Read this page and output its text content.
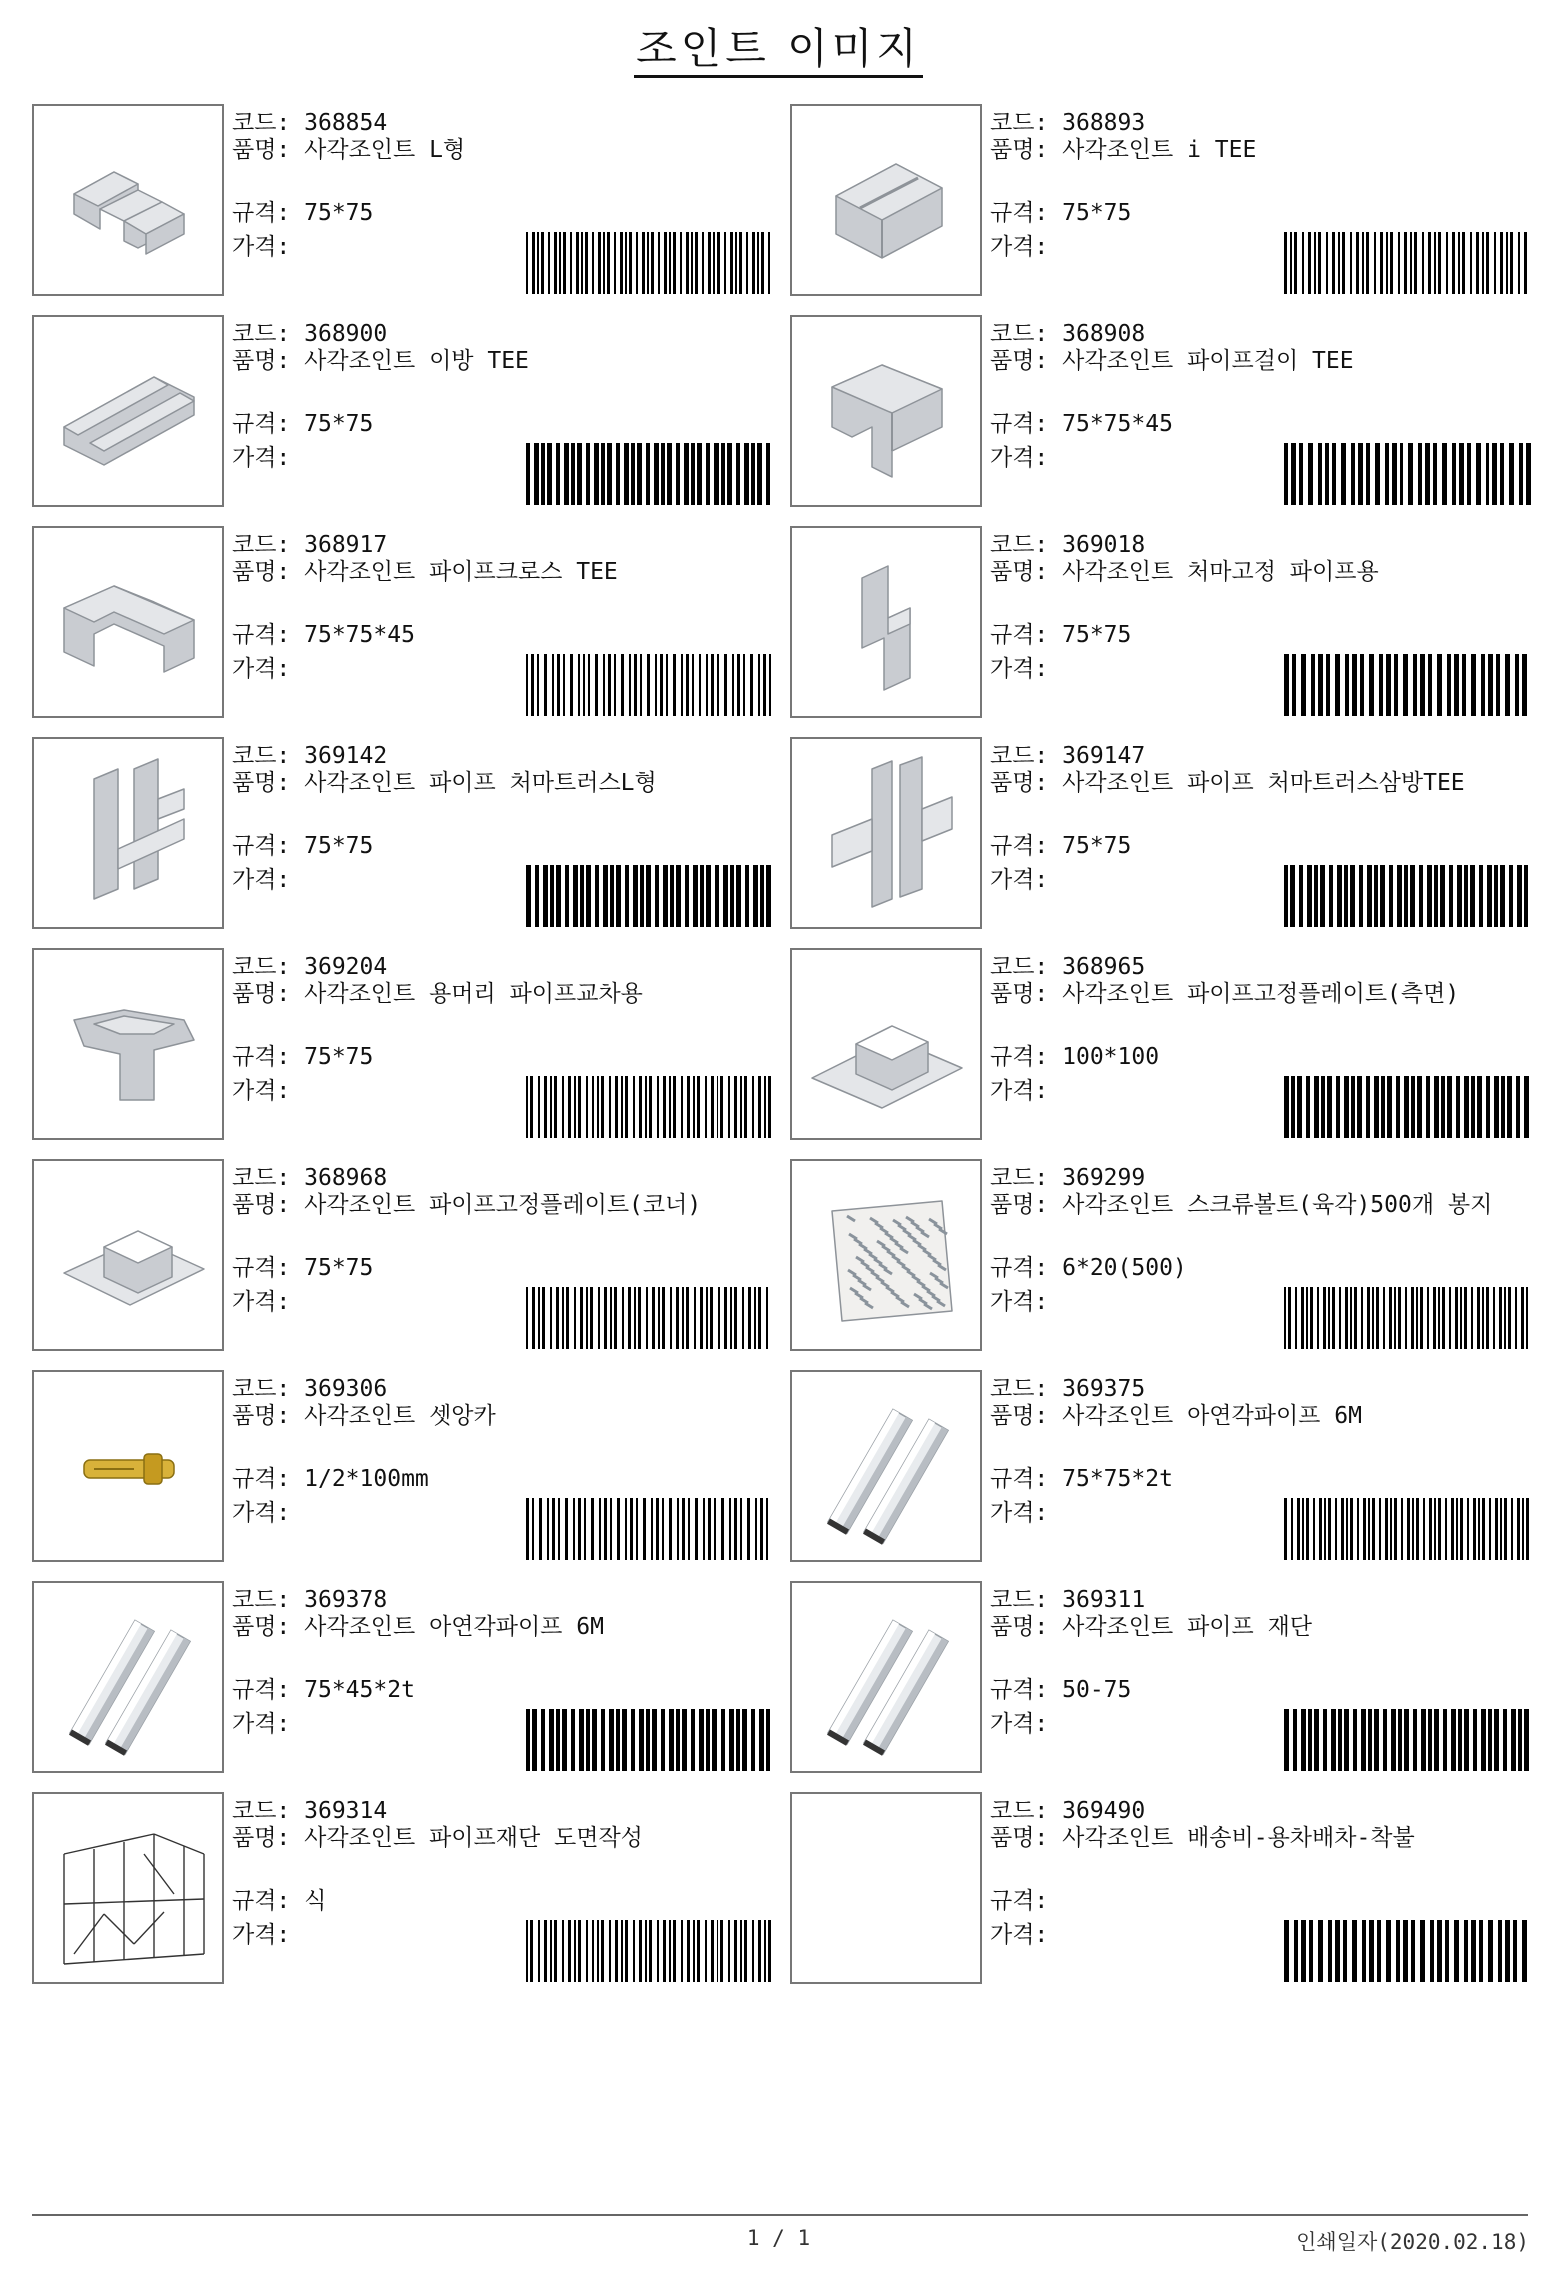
조인트 이미지
코드: 368854
품명: 사각조인트 L형
규격: 75*75
가격:
코드: 368893
품명: 사각조인트 i TEE
규격: 75*75
가격:
코드: 368900
품명: 사각조인트 이방 TEE
규격: 75*75
가격:
코드: 368908
품명: 사각조인트 파이프걸이 TEE
규격: 75*75*45
가격:
코드: 368917
품명: 사각조인트 파이프크로스 TEE
규격: 75*75*45
가격:
코드: 369018
품명: 사각조인트 처마고정 파이프용
규격: 75*75
가격:
코드: 369142
품명: 사각조인트 파이프 처마트러스L형
규격: 75*75
가격:
코드: 369147
품명: 사각조인트 파이프 처마트러스삼방TEE
규격: 75*75
가격:
코드: 369204
품명: 사각조인트 용머리 파이프교차용
규격: 75*75
가격:
코드: 368965
품명: 사각조인트 파이프고정플레이트(측면)
규격: 100*100
가격:
코드: 368968
품명: 사각조인트 파이프고정플레이트(코너)
규격: 75*75
가격:
코드: 369299
품명: 사각조인트 스크류볼트(육각)500개 봉지
규격: 6*20(500)
가격:
코드: 369306
품명: 사각조인트 셋앙카
규격: 1/2*100mm
가격:
코드: 369375
품명: 사각조인트 아연각파이프 6M
규격: 75*75*2t
가격:
코드: 369378
품명: 사각조인트 아연각파이프 6M
규격: 75*45*2t
가격:
코드: 369311
품명: 사각조인트 파이프 재단
규격: 50-75
가격:
코드: 369314
품명: 사각조인트 파이프재단 도면작성
규격: 식
가격:
코드: 369490
품명: 사각조인트 배송비-용차배차-착불
규격:
가격:
1 / 1	인쇄일자(2020.02.18)
